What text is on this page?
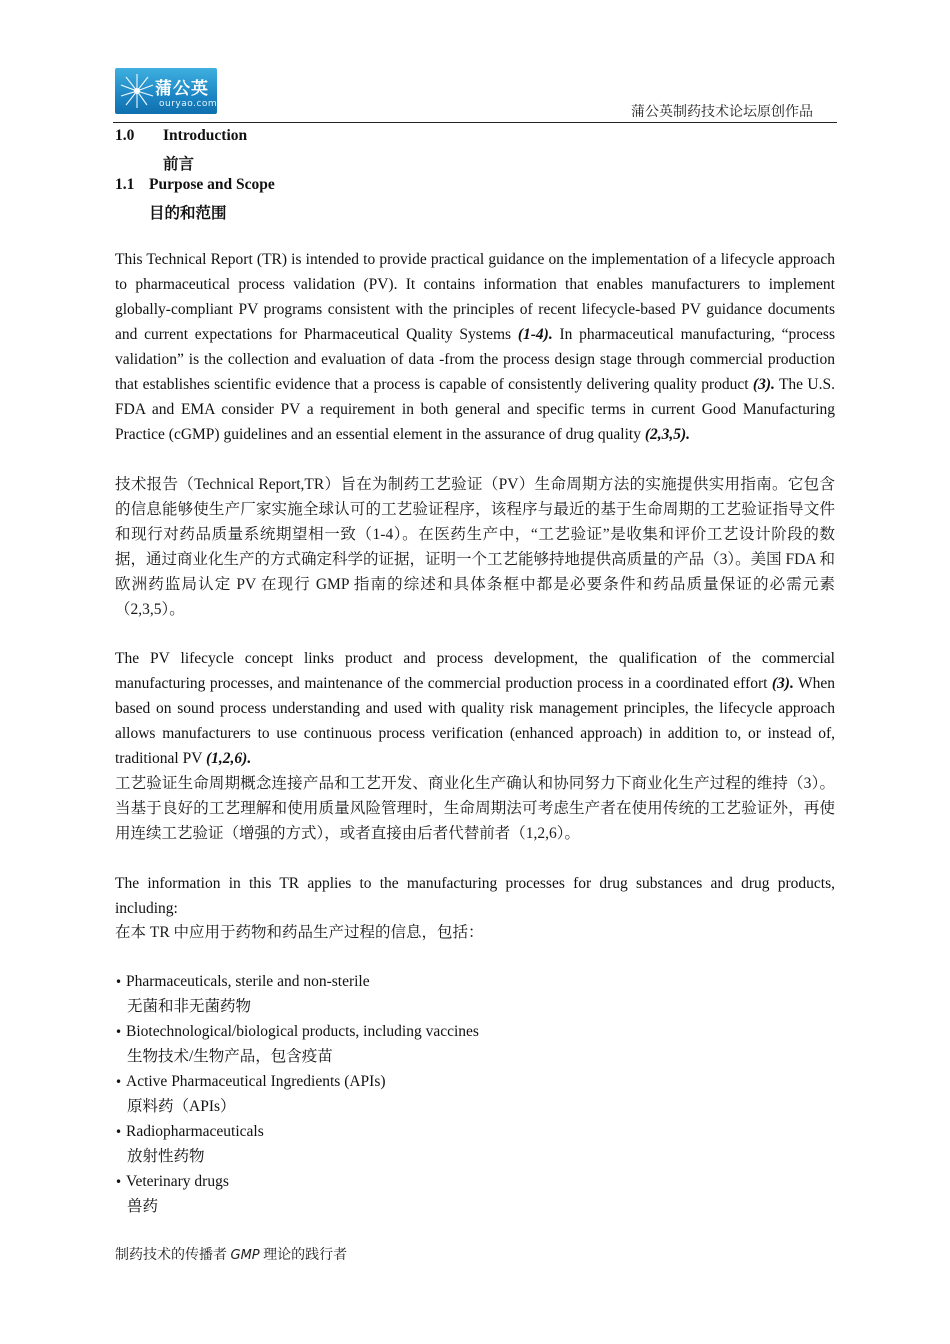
蒲公英
ouryao.com
蒲公英制药技术论坛原创作品
1.0 Introduction
前言
1.1 Purpose and Scope
目的和范围
This Technical Report (TR) is intended to provide practical guidance on the implementation of a lifecycle approach to pharmaceutical process validation (PV). It contains information that enables manufacturers to implement globally-compliant PV programs consistent with the principles of recent lifecycle-based PV guidance documents and current expectations for Pharmaceutical Quality Systems (1-4). In pharmaceutical manufacturing, “process validation” is the collection and evaluation of data -from the process design stage through commercial production that establishes scientific evidence that a process is capable of consistently delivering quality product (3). The U.S. FDA and EMA consider PV a requirement in both general and specific terms in current Good Manufacturing Practice (cGMP) guidelines and an essential element in the assurance of drug quality (2,3,5).
技术报告（Technical Report,TR）旨在为制药工艺验证（PV）生命周期方法的实施提供实用指南。它包含的信息能够使生产厂家实施全球认可的工艺验证程序，该程序与最近的基于生命周期的工艺验证指导文件和现行对药品质量系统期望相一致（1-4）。在医药生产中，“工艺验证”是收集和评价工艺设计阶段的数据，通过商业化生产的方式确定科学的证据，证明一个工艺能够持地提供高质量的产品（3）。美国 FDA 和欧洲药监局认定 PV 在现行 GMP 指南的综述和具体条框中都是必要条件和药品质量保证的必需元素（2,3,5）。
The PV lifecycle concept links product and process development, the qualification of the commercial manufacturing processes, and maintenance of the commercial production process in a coordinated effort (3). When based on sound process understanding and used with quality risk management principles, the lifecycle approach allows manufacturers to use continuous process verification (enhanced approach) in addition to, or instead of, traditional PV (1,2,6).
工艺验证生命周期概念连接产品和工艺开发、商业化生产确认和协同努力下商业化生产过程的维持（3）。当基于良好的工艺理解和使用质量风险管理时，生命周期法可考虑生产者在使用传统的工艺验证外，再使用连续工艺验证（增强的方式），或者直接由后者代替前者（1,2,6）。
The information in this TR applies to the manufacturing processes for drug substances and drug products, including:
在本 TR 中应用于药物和药品生产过程的信息，包括：
• Pharmaceuticals, sterile and non-sterile
无菌和非无菌药物
• Biotechnological/biological products, including vaccines
生物技术/生物产品，包含疫苗
• Active Pharmaceutical Ingredients (APIs)
原料药（APIs）
• Radiopharmaceuticals
放射性药物
• Veterinary drugs
兽药
制药技术的传播者 GMP 理论的践行者
